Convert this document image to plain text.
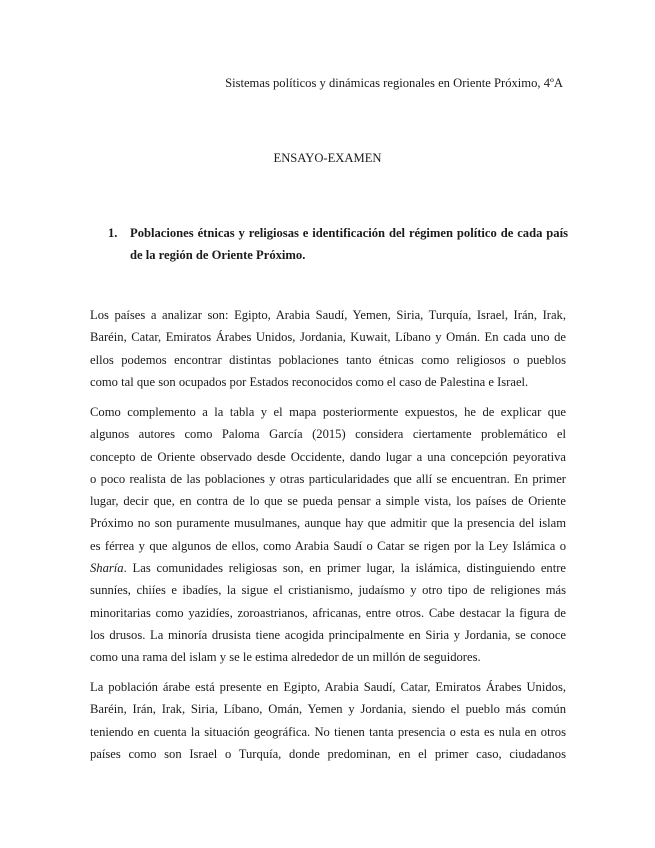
Sistemas políticos y dinámicas regionales en Oriente Próximo, 4ºA
ENSAYO-EXAMEN
1. Poblaciones étnicas y religiosas e identificación del régimen político de cada país de la región de Oriente Próximo.
Los países a analizar son: Egipto, Arabia Saudí, Yemen, Siria, Turquía, Israel, Irán, Irak,
Baréin, Catar, Emiratos Árabes Unidos, Jordania, Kuwait, Líbano y Omán. En cada uno de
ellos podemos encontrar distintas poblaciones tanto étnicas como religiosos o pueblos
como tal que son ocupados por Estados reconocidos como el caso de Palestina e Israel.
Como complemento a la tabla y el mapa posteriormente expuestos, he de explicar que
algunos autores como Paloma García (2015) considera ciertamente problemático el
concepto de Oriente observado desde Occidente, dando lugar a una concepción peyorativa
o poco realista de las poblaciones y otras particularidades que allí se encuentran. En primer
lugar, decir que, en contra de lo que se pueda pensar a simple vista, los países de Oriente
Próximo no son puramente musulmanes, aunque hay que admitir que la presencia del islam
es férrea y que algunos de ellos, como Arabia Saudí o Catar se rigen por la Ley Islámica o
Sharía. Las comunidades religiosas son, en primer lugar, la islámica, distinguiendo entre
sunníes, chiíes e ibadíes, la sigue el cristianismo, judaísmo y otro tipo de religiones más
minoritarias como yazidíes, zoroastrianos, africanas, entre otros. Cabe destacar la figura de
los drusos. La minoría drusista tiene acogida principalmente en Siria y Jordania, se conoce
como una rama del islam y se le estima alrededor de un millón de seguidores.
La población árabe está presente en Egipto, Arabia Saudí, Catar, Emiratos Árabes Unidos,
Baréin, Irán, Irak, Siria, Líbano, Omán, Yemen y Jordania, siendo el pueblo más común
teniendo en cuenta la situación geográfica. No tienen tanta presencia o esta es nula en otros
países como son Israel o Turquía, donde predominan, en el primer caso, ciudadanos
